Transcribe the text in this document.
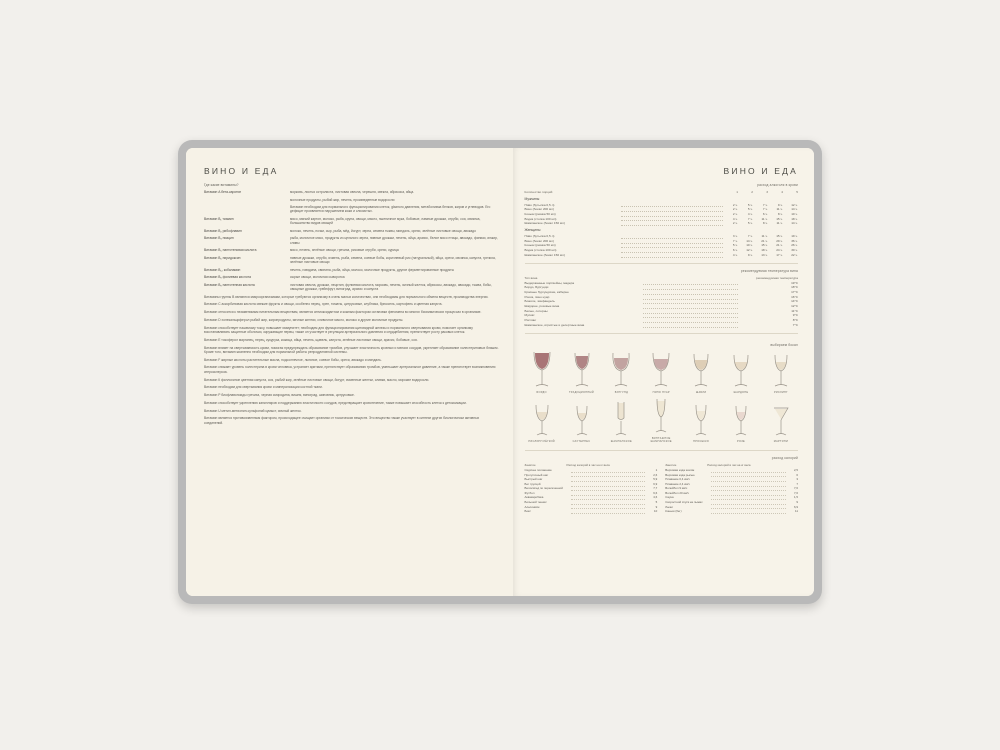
ВИНО И ЕДА
Где какие витамины?
Витамин A бета-каротин	морковь, листья остролиста, листовая свекла, черешня, свекла, абрикоса, яйца.
молочные продукты, рыбий жир, печень, произведенные водоросли
Витамин необходим для нормального функционирования клеток, głазного давления, метаболизма белков, жиров и углеводов. Его дефицит проявляется нарушением кожи и слизистых.
Витамин B₁ тиамин	мясо, мягкий картон, молоко, рыба, крупа, овощи, масло, пшеничное мука, бобовые, ламные дрожжи, отруби, соя, овсянка, большинство видов овощей
Витамин B₂ рибофлавин	молоко, печень, почки, сыр, рыба, мёд, йогурт, зерна, семена тыквы, миндаль, орехи, зелёные листовые овощи, авокадо
Витамин B₃ ниацин	рыба, молочное мясо, продукты из цельного зерна, пивные дрожжи, печень, яйца, арахис, белое мясо птицы, авокадо, финики, инжир, сливы
Витамин B₅ пантотеновая кислота	мясо, печень, зелёные овощи, гречиха, рисовые отруби, орехи, курица
Витамин B₆ пиридоксин	пивные дрожжи, отруби, ячмень, рыба, семена, соевые бобы, коричневый рис (натуральный), яйца, орехи, овсянка, капуста, гречиха, зелёные листовые овощи
Витамин B₁₂ кобаламин	печень, говядина, свинина, рыба, яйца, молоко, молочные продукты, другие ферментированные продукты
Витамин B₉ фолиевая кислота	сырые овощи, молочная сыворотка
Витамин B₉ пантотенная кислота	листовая свекла, дрожжи, лецитин, фулиевая кислота, морковь, печень, яичный желток, абрикосы, авокадо, авокадо, тыква, бобы, овощные дрожжи, грейпфрут, виноград, арахис и капуста

Витамины группы B являются микроорганизмами, которые требуются организму в очень малых количествах, они необходимы для нормального обмена веществ, производства энергии.

Витамин C аскорбиновая кислота свежие фрукты и овощи, особенно перец, хрен, томаты, цитрусовые, клубника, брюссель, картофель и цветная капуста.

Витамин относится к незаменимым питательным веществам, является антиоксидантом и кожным фактором остановки феномена во многих биохимических процессах в организме.

Витамин D холекальциферол рыбий жир, жиропродукты, яичные желтки, сливочное масло, молоко и другие молочные продукты.

Витамин способствует нашемому токсу, повышает иммунитет; необходим для функционирования щитовидной железы и нормального свертывания крови, помогает организму восстанавливать защитные оболочки, окружающие нервы, также он участвует в регуляции артериального давления и сердцебиения, препятствует росту раковых клеток.

Витамин E токоферол марганец, перец, кукуруза, кожица, яйца, печень, щавель, капуста, зелёные листовые овощи, арахис, бобовые, соя.

Витамин влияет на свертываемость крови, помогая предупреждать образование тромбов, улучшает эластичность кровных и мелких сосудов, укрепляет образование холестериновых бляшек. Кроме того, витамин жизненно необходим для нормальной работы репродуктивной системы.

Витамин F жирные кислоты растительные масла, подсолнечное, льняное, соевое бобы, орехи, авокадо и миндаль.

Витамин снижает уровень холестерина в крови человека, устраняет аритмии, препятствует образованию тромбов, уменьшает артериальное давление, а также препятствует возникновению атеросклероза.

Витамин К филлохинон цветная капуста, соя, рыбий жир, зелёные листовые овощи, йогурт, ячменные желтки, сливки, масло, морские водоросли.

Витамин необходим для свертывания крови и минерализации костной ткани.

Витамин P биофлавоноиды гречиха, черная смородина, вишня, виноград, шиповник, цитрусовые.

Витамин способствует укреплению капилляров и поддержанию эластичности сосудов, предотвращает кровотечение, также повышает способность клеток к детоксикации.

Витамин U метил-метионин-сульфоний кумыст, яичный желток.

Витамин является противоязвенным фактором, происходящее очищает организм от токсических веществ. Это вещество также участвует в синтезе других биологически активных соединений.

ВИНО И ЕДА
расход алкоголя в крови
Количество порций		1	2	3	4	5
Мужчины
Пиво (бутылка 0,5 л)		2 ч.	5 ч.	7 ч.	9 ч.	12 ч.
Вино (бокал 200 мл)		2 ч.	5 ч.	7 ч.	11 ч.	14 ч.
Коньяк (рюмка 50 мл)		2 ч.	4 ч.	6 ч.	8 ч.	10 ч.
Водка (стопка 100 мл)		4 ч.	7 ч.	11 ч.	15 ч.	18 ч.
Шампанское (бокал 150 мл)		2 ч.	5 ч.	8 ч.	11 ч.	14 ч.
Женщины
Пиво (бутылка 0,5 л)		3 ч.	7 ч.	11 ч.	15 ч.	19 ч.
Вино (бокал 200 мл)		7 ч.	14 ч.	21 ч.	29 ч.	36 ч.
Коньяк (рюмка 50 мл)		5 ч.	10 ч.	15 ч.	21 ч.	26 ч.
Водка (стопка 100 мл)		6 ч.	12 ч.	18 ч.	24 ч.	30 ч.
Шампанское (бокал 150 мл)		4 ч.	9 ч.	13 ч.	17 ч.	22 ч.
рекомендуемая температура вина
Тип вина		рекомендуемая температура
Выдержанные портвейны, мадера		19°C
Бордо, Бургунди		18°C
Красные бургундские, каберне		17°C
Риоха, пино нуар		16°C
Божоле, зинфандель		14°C
Шардоне, розовые вина		12°C
Белые, сотерны		11°C
Мускат		9°C
Рислинг		8°C
Шампанское, игристые и десертные вина		7°C
выбираем бокал
БОРДО	ТРАДИЦИОННЫЙ	БУРГУНД	ПИНО НУАР	ШАБЛИ	ШАРДОНЕ	РИСЛИНГ
РИСЛИНГ/ЛЁГКИЙ	САУТЕРНЕС	ШАМПАНСКОЕ
ВИНТАЖНОЕ ШАМПАНСКОЕ	ПРОСЕККО	РОЗЕ	МАРТИНИ
расход калорий
Занятие	Расход калорий в час на кг веса
Сидячее положение		1
Прогулочный шаг		2,6
Быстрый шаг		5,9
Бег трусцой		6,9
Велосипед по пересеченной		7,7
Футбол		6,6
Аквааэробика		4,6
Большой теннис		5
Альпинизм		9
Бокс		10
Занятие	Расход калорий в час на кг веса
Верховая езда шагом		2,5
Верховая езда рысью		6
Плавание 0,4 км/ч		3
Плавание 2,4 км/ч		7
Волейбол 9 км/ч		7,6
Волейбол 20 км/ч		7,6
Сауна		1,5
Скоростной спуск на лыжах		9
Лыжи		6,9
Коньки (бег)		11
